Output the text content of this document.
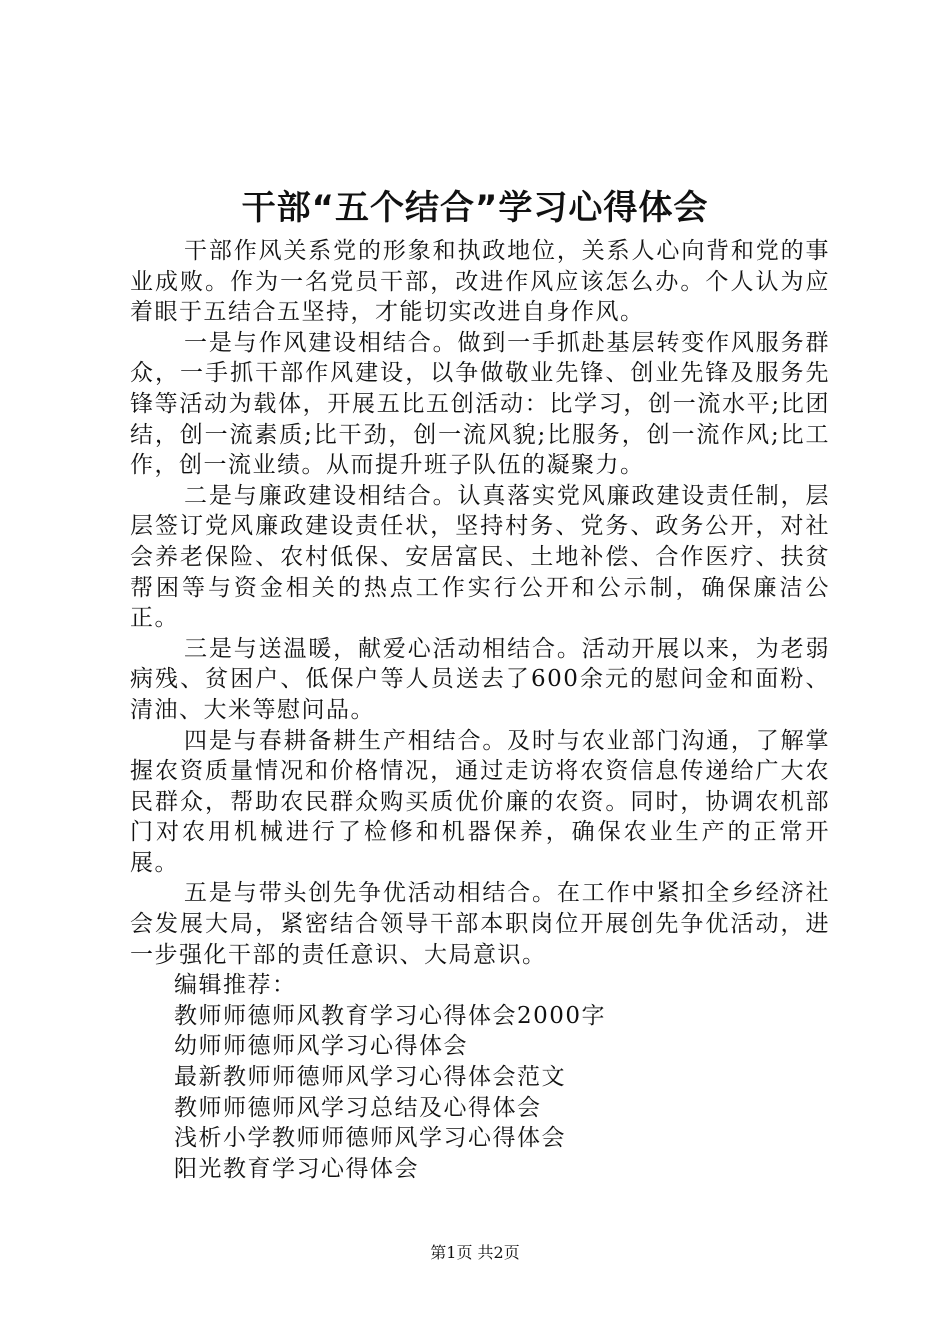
干部“五个结合”学习心得体会

干部作风关系党的形象和执政地位，关系人心向背和党的事业成败。作为一名党员干部，改进作风应该怎么办。个人认为应着眼于五结合五坚持，才能切实改进自身作风。

一是与作风建设相结合。做到一手抓赴基层转变作风服务群众，一手抓干部作风建设，以争做敬业先锋、创业先锋及服务先锋等活动为载体，开展五比五创活动：比学习，创一流水平;比团结，创一流素质;比干劲，创一流风貌;比服务，创一流作风;比工作，创一流业绩。从而提升班子队伍的凝聚力。

二是与廉政建设相结合。认真落实党风廉政建设责任制，层层签订党风廉政建设责任状，坚持村务、党务、政务公开，对社会养老保险、农村低保、安居富民、土地补偿、合作医疗、扶贫帮困等与资金相关的热点工作实行公开和公示制，确保廉洁公正。

三是与送温暖，献爱心活动相结合。活动开展以来，为老弱病残、贫困户、低保户等人员送去了600余元的慰问金和面粉、清油、大米等慰问品。

四是与春耕备耕生产相结合。及时与农业部门沟通，了解掌握农资质量情况和价格情况，通过走访将农资信息传递给广大农民群众，帮助农民群众购买质优价廉的农资。同时，协调农机部门对农用机械进行了检修和机器保养，确保农业生产的正常开展。

五是与带头创先争优活动相结合。在工作中紧扣全乡经济社会发展大局，紧密结合领导干部本职岗位开展创先争优活动，进一步强化干部的责任意识、大局意识。

编辑推荐：

教师师德师风教育学习心得体会2000字

幼师师德师风学习心得体会

最新教师师德师风学习心得体会范文

教师师德师风学习总结及心得体会

浅析小学教师师德师风学习心得体会

阳光教育学习心得体会

第1页 共2页
